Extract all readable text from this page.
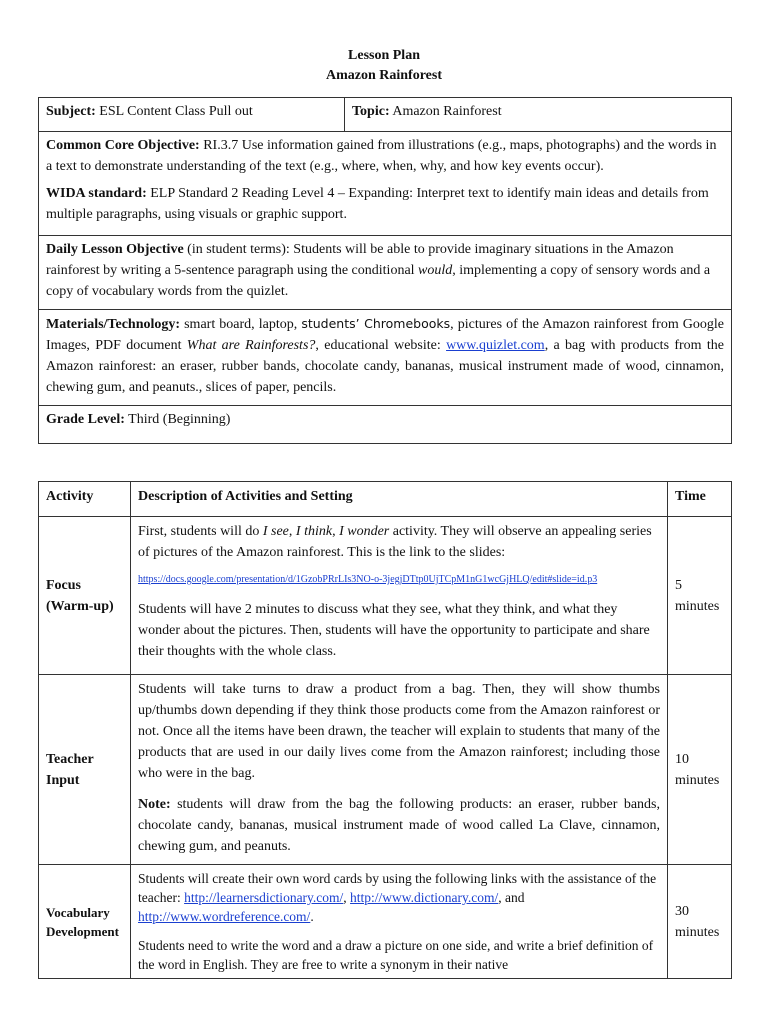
Lesson Plan
Amazon Rainforest
Subject: ESL Content Class Pull out	Topic: Amazon Rainforest

Common Core Objective: RI.3.7 Use information gained from illustrations (e.g., maps, photographs) and the words in a text to demonstrate understanding of the text (e.g., where, when, why, and how key events occur).

WIDA standard: ELP Standard 2 Reading Level 4 – Expanding: Interpret text to identify main ideas and details from multiple paragraphs, using visuals or graphic support.

Daily Lesson Objective (in student terms): Students will be able to provide imaginary situations in the Amazon rainforest by writing a 5-sentence paragraph using the conditional would, implementing a copy of sensory words and a copy of vocabulary words from the quizlet.
Materials/Technology: smart board, laptop, students’ Chromebooks, pictures of the Amazon rainforest from Google Images, PDF document What are Rainforests?, educational website: www.quizlet.com, a bag with products from the Amazon rainforest: an eraser, rubber bands, chocolate candy, bananas, musical instrument made of wood, cinnamon, chewing gum, and peanuts., slices of paper, pencils.
Grade Level: Third (Beginning)
Activity	Description of Activities and Setting	Time
Focus (Warm-up)	First, students will do I see, I think, I wonder activity. They will observe an appealing series of pictures of the Amazon rainforest. This is the link to the slides:
https://docs.google.com/presentation/d/1GzobPRrLIs3NO-o-3jegjDTtp0UjTCpM1nG1wcGjHLQ/edit#slide=id.p3
Students will have 2 minutes to discuss what they see, what they think, and what they wonder about the pictures. Then, students will have the opportunity to participate and share their thoughts with the whole class.	5 minutes
Teacher Input	Students will take turns to draw a product from a bag. Then, they will show thumbs up/thumbs down depending if they think those products come from the Amazon rainforest or not. Once all the items have been drawn, the teacher will explain to students that many of the products that are used in our daily lives come from the Amazon rainforest; including those who were in the bag.
Note: students will draw from the bag the following products: an eraser, rubber bands, chocolate candy, bananas, musical instrument made of wood called La Clave, cinnamon, chewing gum, and peanuts.	10 minutes
Vocabulary Development	Students will create their own word cards by using the following links with the assistance of the teacher: http://learnersdictionary.com/, http://www.dictionary.com/, and http://www.wordreference.com/.
Students need to write the word and a draw a picture on one side, and write a brief definition of the word in English. They are free to write a synonym in their native	30 minutes
